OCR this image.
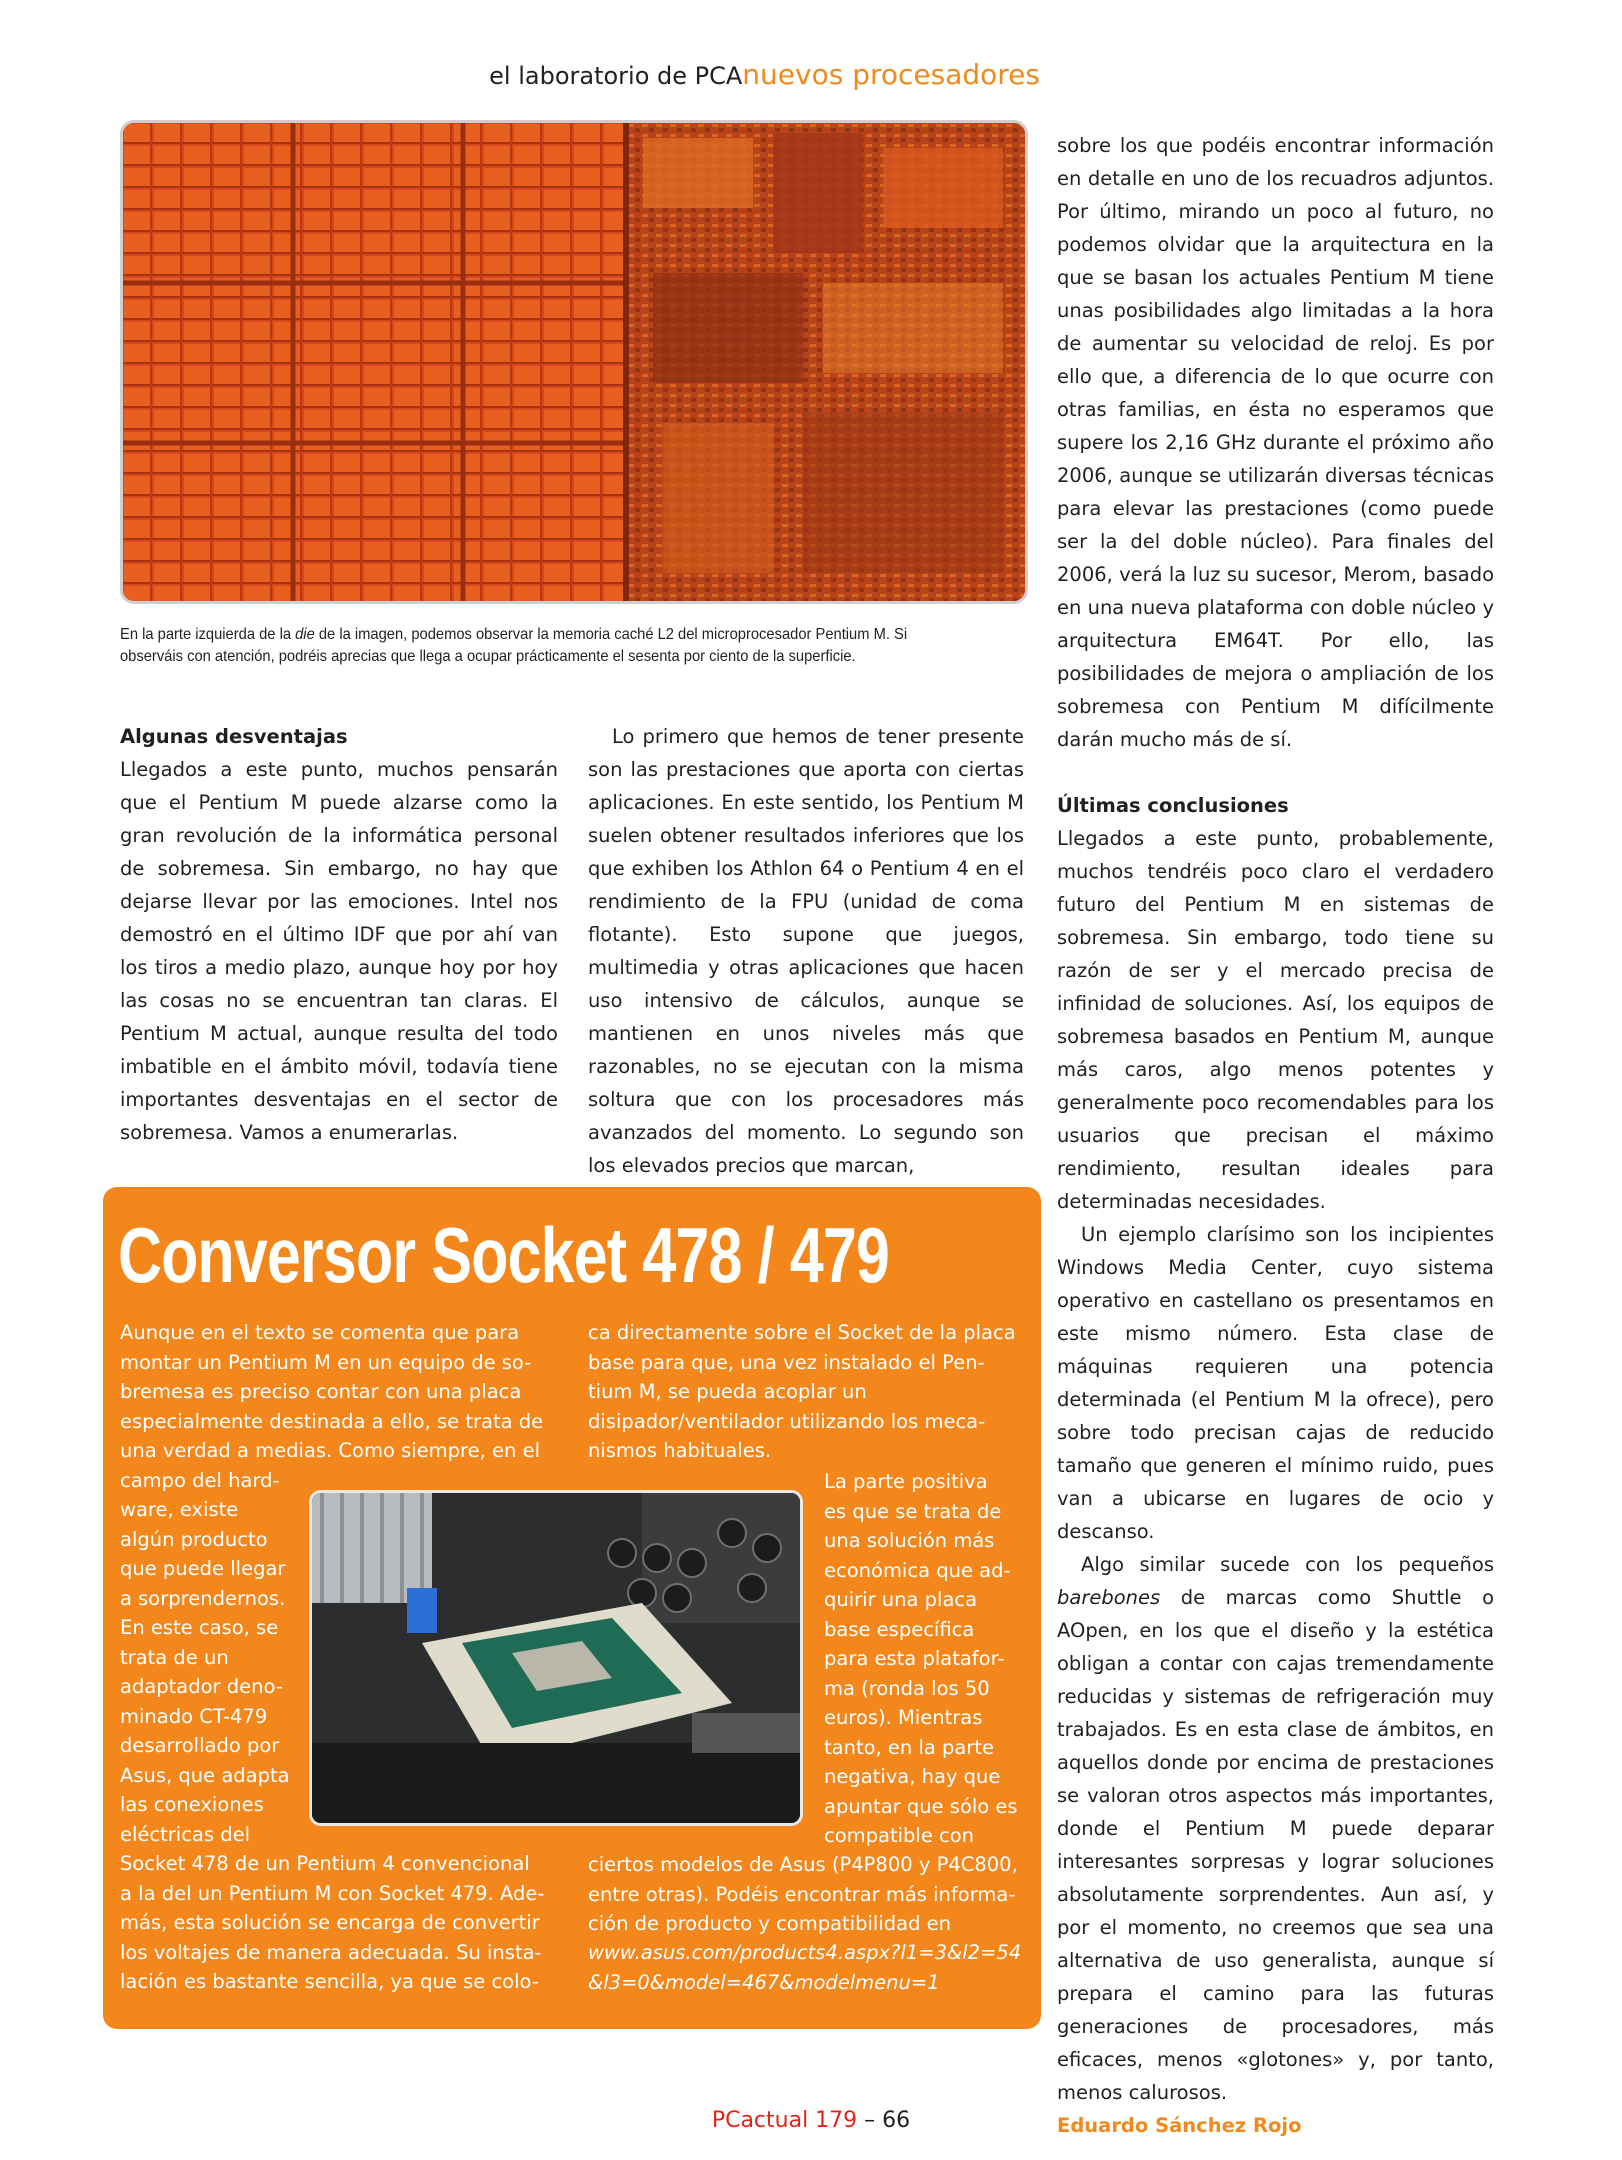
el laboratorio de PCAnuevos procesadores
En la parte izquierda de la die de la imagen, podemos observar la memoria caché L2 del microprocesador Pentium M. Si observáis con atención, podréis aprecias que llega a ocupar prácticamente el sesenta por ciento de la superficie.

Algunas desventajas

Llegados a este punto, muchos pensarán que el Pentium M puede alzarse como la gran revolución de la informática personal de sobremesa. Sin embargo, no hay que dejarse llevar por las emociones. Intel nos demostró en el último IDF que por ahí van los tiros a medio plazo, aunque hoy por hoy las cosas no se encuentran tan claras. El Pentium M actual, aunque resulta del todo imbatible en el ámbito móvil, todavía tiene importantes desventajas en el sector de sobremesa. Vamos a enumerarlas.

Lo primero que hemos de tener presente son las prestaciones que aporta con ciertas aplicaciones. En este sentido, los Pentium M suelen obtener resultados inferiores que los que exhiben los Athlon 64 o Pentium 4 en el rendimiento de la FPU (unidad de coma flotante). Esto supone que juegos, multimedia y otras aplicaciones que hacen uso intensivo de cálculos, aunque se mantienen en unos niveles más que razonables, no se ejecutan con la misma soltura que con los procesadores más avanzados del momento. Lo segundo son los elevados precios que marcan,

sobre los que podéis encontrar información en detalle en uno de los recuadros adjuntos. Por último, mirando un poco al futuro, no podemos olvidar que la arquitectura en la que se basan los actuales Pentium M tiene unas posibilidades algo limitadas a la hora de aumentar su velocidad de reloj. Es por ello que, a diferencia de lo que ocurre con otras familias, en ésta no esperamos que supere los 2,16 GHz durante el próximo año 2006, aunque se utilizarán diversas técnicas para elevar las prestaciones (como puede ser la del doble núcleo). Para finales del 2006, verá la luz su sucesor, Merom, basado en una nueva plataforma con doble núcleo y arquitectura EM64T. Por ello, las posibilidades de mejora o ampliación de los sobremesa con Pentium M difícilmente darán mucho más de sí.

Últimas conclusiones

Llegados a este punto, probablemente, muchos tendréis poco claro el verdadero futuro del Pentium M en sistemas de sobremesa. Sin embargo, todo tiene su razón de ser y el mercado precisa de infinidad de soluciones. Así, los equipos de sobremesa basados en Pentium M, aunque más caros, algo menos potentes y generalmente poco recomendables para los usuarios que precisan el máximo rendimiento, resultan ideales para determinadas necesidades.

Un ejemplo clarísimo son los incipientes Windows Media Center, cuyo sistema operativo en castellano os presentamos en este mismo número. Esta clase de máquinas requieren una potencia determinada (el Pentium M la ofrece), pero sobre todo precisan cajas de reducido tamaño que generen el mínimo ruido, pues van a ubicarse en lugares de ocio y descanso.

Algo similar sucede con los pequeños barebones de marcas como Shuttle o AOpen, en los que el diseño y la estética obligan a contar con cajas tremendamente reducidas y sistemas de refrigeración muy trabajados. Es en esta clase de ámbitos, en aquellos donde por encima de prestaciones se valoran otros aspectos más importantes, donde el Pentium M puede deparar interesantes sorpresas y lograr soluciones absolutamente sorprendentes. Aun así, y por el momento, no creemos que sea una alternativa de uso generalista, aunque sí prepara el camino para las futuras generaciones de procesadores, más eficaces, menos «glotones» y, por tanto, menos calurosos.

Eduardo Sánchez Rojo

Conversor Socket 478 / 479
Aunque en el texto se comenta que para
montar un Pentium M en un equipo de so-
bremesa es preciso contar con una placa
especialmente destinada a ello, se trata de
una verdad a medias. Como siempre, en el
campo del hard-
ware, existe
algún producto
que puede llegar
a sorprendernos.
En este caso, se
trata de un
adaptador deno-
minado CT-479
desarrollado por
Asus, que adapta
las conexiones
eléctricas del
Socket 478 de un Pentium 4 convencional
a la del un Pentium M con Socket 479. Ade-
más, esta solución se encarga de convertir
los voltajes de manera adecuada. Su insta-
lación es bastante sencilla, ya que se colo-
ca directamente sobre el Socket de la placa
base para que, una vez instalado el Pen-
tium M, se pueda acoplar un
disipador/ventilador utilizando los meca-
nismos habituales.
La parte positiva
es que se trata de
una solución más
económica que ad-
quirir una placa
base específica
para esta platafor-
ma (ronda los 50
euros). Mientras
tanto, en la parte
negativa, hay que
apuntar que sólo es
compatible con
ciertos modelos de Asus (P4P800 y P4C800,
entre otras). Podéis encontrar más informa-
ción de producto y compatibilidad en
www.asus.com/products4.aspx?l1=3&l2=54
&l3=0&model=467&modelmenu=1
PCactual 179 – 66
